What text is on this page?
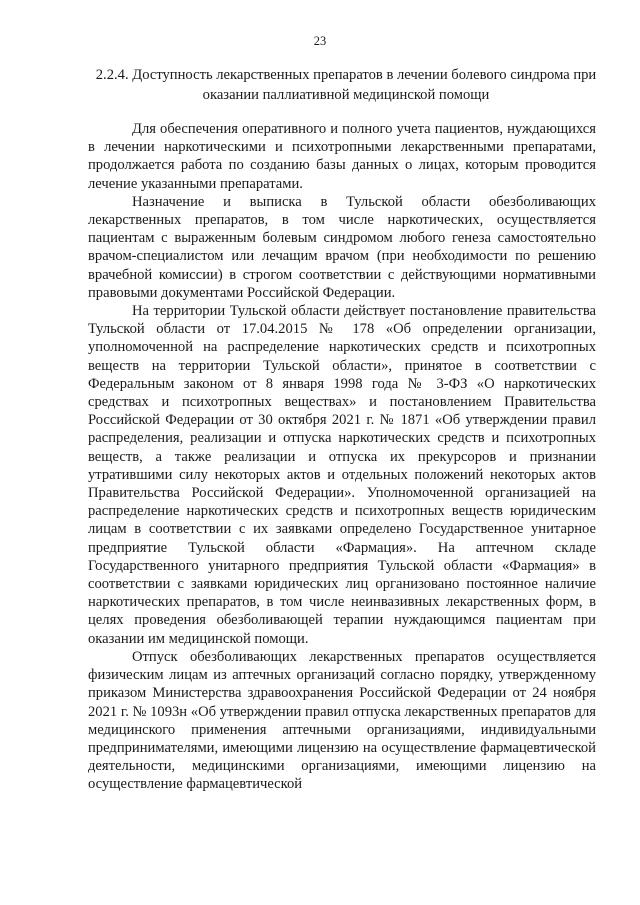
23
2.2.4. Доступность лекарственных препаратов в лечении болевого синдрома при оказании паллиативной медицинской помощи

Для обеспечения оперативного и полного учета пациентов, нуждающихся в лечении наркотическими и психотропными лекарственными препаратами, продолжается работа по созданию базы данных о лицах, которым проводится лечение указанными препаратами.

Назначение и выписка в Тульской области обезболивающих лекарственных препаратов, в том числе наркотических, осуществляется пациентам с выраженным болевым синдромом любого генеза самостоятельно врачом-специалистом или лечащим врачом (при необходимости по решению врачебной комиссии) в строгом соответствии с действующими нормативными правовыми документами Российской Федерации.

На территории Тульской области действует постановление правительства Тульской области от 17.04.2015 № 178 «Об определении организации, уполномоченной на распределение наркотических средств и психотропных веществ на территории Тульской области», принятое в соответствии с Федеральным законом от 8 января 1998 года № 3-ФЗ «О наркотических средствах и психотропных веществах» и постановлением Правительства Российской Федерации от 30 октября 2021 г. № 1871 «Об утверждении правил распределения, реализации и отпуска наркотических средств и психотропных веществ, а также реализации и отпуска их прекурсоров и признании утратившими силу некоторых актов и отдельных положений некоторых актов Правительства Российской Федерации». Уполномоченной организацией на распределение наркотических средств и психотропных веществ юридическим лицам в соответствии с их заявками определено Государственное унитарное предприятие Тульской области «Фармация». На аптечном складе Государственного унитарного предприятия Тульской области «Фармация» в соответствии с заявками юридических лиц организовано постоянное наличие наркотических препаратов, в том числе неинвазивных лекарственных форм, в целях проведения обезболивающей терапии нуждающимся пациентам при оказании им медицинской помощи.

Отпуск обезболивающих лекарственных препаратов осуществляется физическим лицам из аптечных организаций согласно порядку, утвержденному приказом Министерства здравоохранения Российской Федерации от 24 ноября 2021 г. № 1093н «Об утверждении правил отпуска лекарственных препаратов для медицинского применения аптечными организациями, индивидуальными предпринимателями, имеющими лицензию на осуществление фармацевтической деятельности, медицинскими организациями, имеющими лицензию на осуществление фармацевтической
